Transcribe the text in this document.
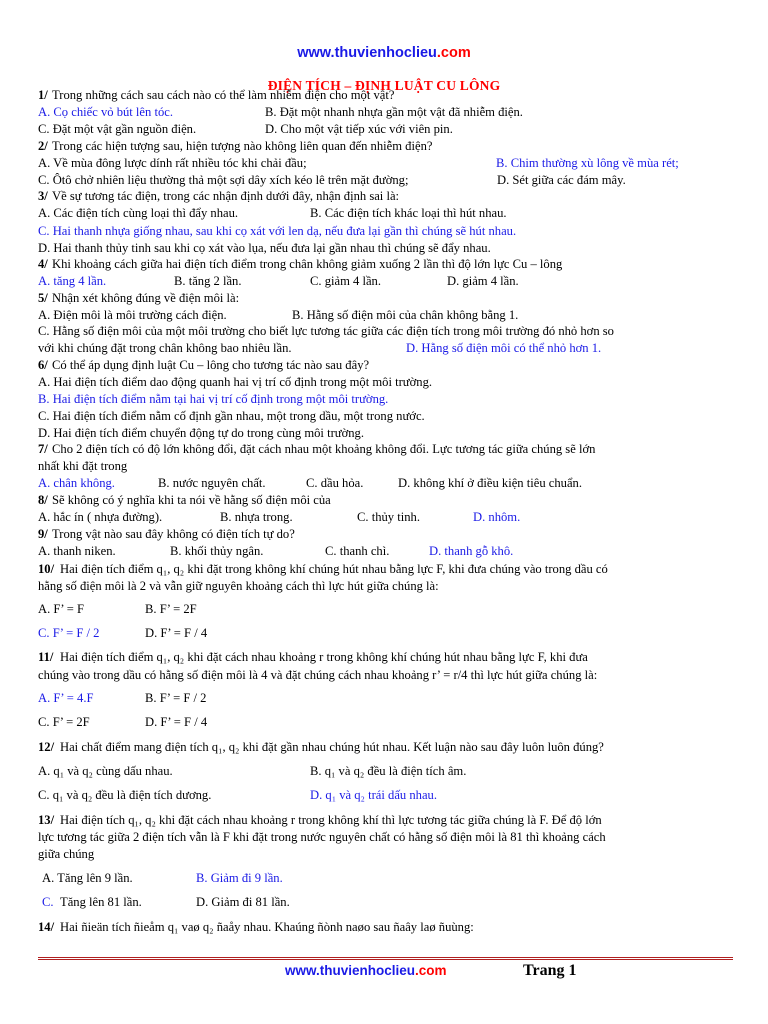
www.thuvienhoclieu.com
ĐIỆN TÍCH – ĐỊNH LUẬT CU LÔNG
1/ Trong những cách sau cách nào có thể làm nhiễm điện cho một vật?
A. Cọ chiếc vỏ bút lên tóc.	B. Đặt một nhanh nhựa gần một vật đã nhiễm điện.
C. Đặt một vật gần nguồn điện.	D. Cho một vật tiếp xúc với viên pin.
2/ Trong các hiện tượng sau, hiện tượng nào không liên quan đến nhiễm điện?
A. Về mùa đông lược dính rất nhiều tóc khi chải đầu;	B. Chim thường xù lông về mùa rét;
C. Ôtô chở nhiên liệu thường thả một sợi dây xích kéo lê trên mặt đường;	D. Sét giữa các đám mây.
3/ Về sự tương tác điện, trong các nhận định dưới đây, nhận định sai là:
A. Các điện tích cùng loại thì đẩy nhau.	B. Các điện tích khác loại thì hút nhau.
C. Hai thanh nhựa giống nhau, sau khi cọ xát với len dạ, nếu đưa lại gần thì chúng sẽ hút nhau.
D. Hai thanh thủy tinh sau khi cọ xát vào lụa, nếu đưa lại gần nhau thì chúng sẽ đẩy nhau.
4/ Khi khoảng cách giữa hai điện tích điểm trong chân không giảm xuống 2 lần thì độ lớn lực Cu – lông
A. tăng 4 lần.	B. tăng 2 lần.	C. giảm 4 lần.	D. giảm 4 lần.
5/ Nhận xét không đúng về điện môi là:
A. Điện môi là môi trường cách điện.	B. Hằng số điện môi của chân không bằng 1.
C. Hằng số điện môi của một môi trường cho biết lực tương tác giữa các điện tích trong môi trường đó nhỏ hơn so
với khi chúng đặt trong chân không bao nhiêu lần.	D. Hằng số điện môi có thể nhỏ hơn 1.
6/ Có thể áp dụng định luật Cu – lông cho tương tác nào sau đây?
A. Hai điện tích điểm dao động quanh hai vị trí cố định trong một môi trường.
B. Hai điện tích điểm nằm tại hai vị trí cố định trong một môi trường.
C. Hai điện tích điểm nằm cố định gần nhau, một trong dầu, một trong nước.
D. Hai điện tích điểm chuyển động tự do trong cùng môi trường.
7/ Cho 2 điện tích có độ lớn không đổi, đặt cách nhau một khoảng không đổi. Lực tương tác giữa chúng sẽ lớn
nhất khi đặt trong
A. chân không.	B. nước nguyên chất.	C. dầu hỏa.	D. không khí ở điều kiện tiêu chuẩn.
8/ Sẽ không có ý nghĩa khi ta nói về hằng số điện môi của
A. hắc ín ( nhựa đường).	B. nhựa trong.	C. thủy tinh.	D. nhôm.
9/ Trong vật nào sau đây không có điện tích tự do?
A. thanh niken.	B. khối thủy ngân.	C. thanh chì.	D. thanh gỗ khô.
10/ Hai điện tích điểm q₁, q₂ khi đặt trong không khí chúng hút nhau bằng lực F, khi đưa chúng vào trong dầu có
hằng số điện môi là 2 và vẫn giữ nguyên khoảng cách thì lực hút giữa chúng là:
A. F’ = F	B. F’ = 2F
C. F’ = F / 2	D. F’ = F / 4
11/ Hai điện tích điểm q₁, q₂ khi đặt cách nhau khoảng r trong không khí chúng hút nhau bằng lực F, khi đưa
chúng vào trong dầu có hằng số điện môi là 4 và đặt chúng cách nhau khoảng r’ = r/4 thì lực hút giữa chúng là:
A. F’ = 4.F	B. F’ = F / 2
C. F’ = 2F	D. F’ = F / 4
12/ Hai chất điểm mang điện tích q₁, q₂ khi đặt gần nhau chúng hút nhau. Kết luận nào sau đây luôn luôn đúng?
A. q₁ và q₂ cùng dấu nhau.	B. q₁ và q₂ đều là điện tích âm.
C. q₁ và q₂ đều là điện tích dương.	D. q₁ và q₂ trái dấu nhau.
13/ Hai điện tích q₁, q₂ khi đặt cách nhau khoảng r trong không khí thì lực tương tác giữa chúng là F. Để độ lớn
lực tương tác giữa 2 điện tích vẫn là F khi đặt trong nước nguyên chất có hằng số điện môi là 81 thì khoảng cách
giữa chúng
A. Tăng lên 9 lần.	B. Giảm đi 9 lần.
C. Tăng lên 81 lần.	D. Giảm đi 81 lần.
14/ Hai ñieän tích ñieåm q₁ vaø q₂ ñaåy nhau. Khaúng ñònh naøo sau ñaây laø ñuùng:
www.thuvienhoclieu.com	Trang 1
